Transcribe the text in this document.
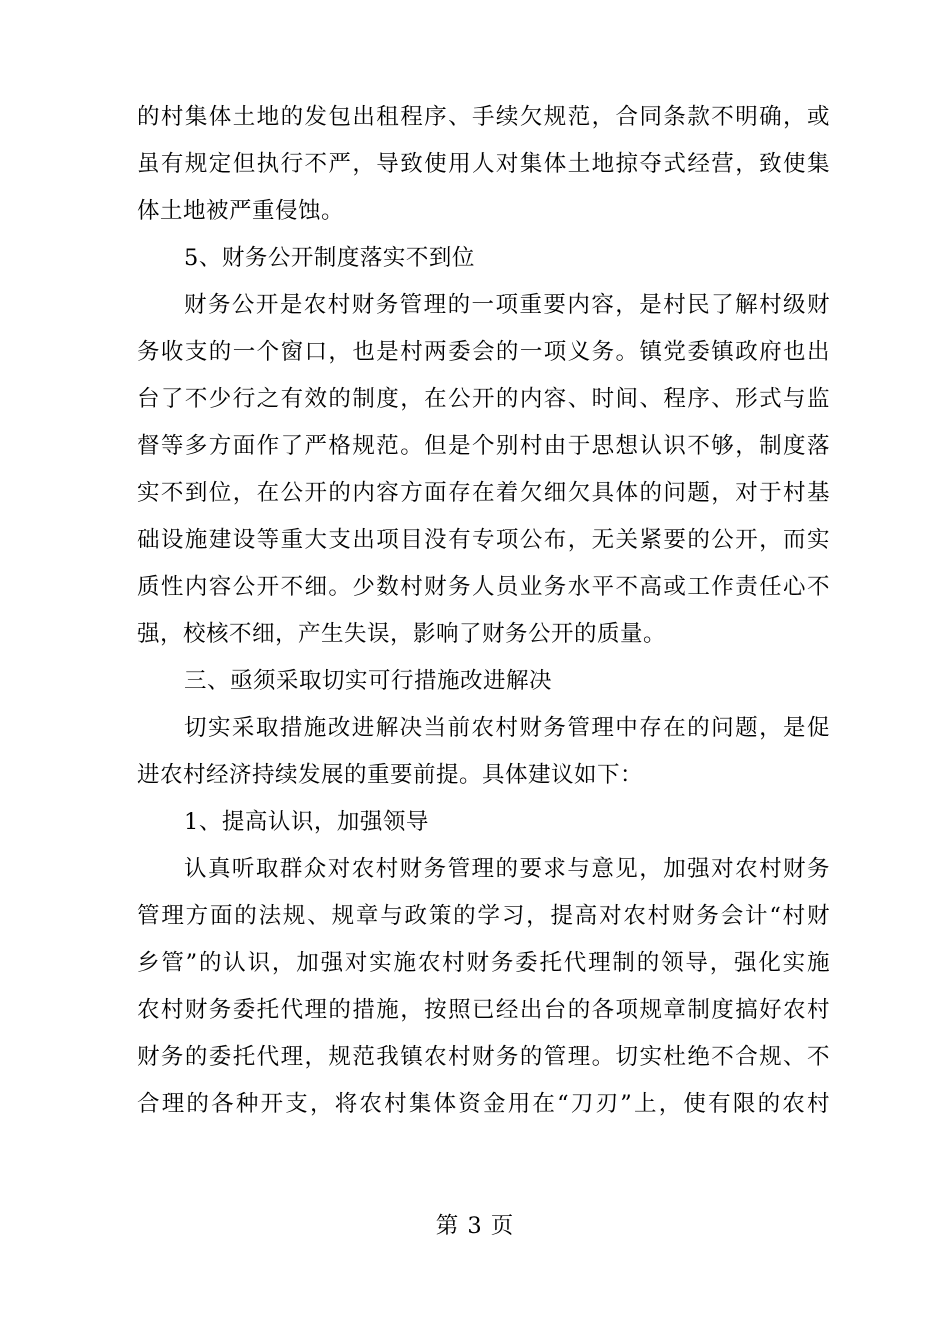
的村集体土地的发包出租程序、手续欠规范，合同条款不明确，或
虽有规定但执行不严，导致使用人对集体土地掠夺式经营，致使集
体土地被严重侵蚀。
5、财务公开制度落实不到位
财务公开是农村财务管理的一项重要内容，是村民了解村级财
务收支的一个窗口，也是村两委会的一项义务。镇党委镇政府也出
台了不少行之有效的制度，在公开的内容、时间、程序、形式与监
督等多方面作了严格规范。但是个别村由于思想认识不够，制度落
实不到位，在公开的内容方面存在着欠细欠具体的问题，对于村基
础设施建设等重大支出项目没有专项公布，无关紧要的公开，而实
质性内容公开不细。少数村财务人员业务水平不高或工作责任心不
强，校核不细，产生失误，影响了财务公开的质量。
三、亟须采取切实可行措施改进解决
切实采取措施改进解决当前农村财务管理中存在的问题，是促
进农村经济持续发展的重要前提。具体建议如下：
1、提高认识，加强领导
认真听取群众对农村财务管理的要求与意见，加强对农村财务
管理方面的法规、规章与政策的学习，提高对农村财务会计“村财
乡管”的认识，加强对实施农村财务委托代理制的领导，强化实施
农村财务委托代理的措施，按照已经出台的各项规章制度搞好农村
财务的委托代理，规范我镇农村财务的管理。切实杜绝不合规、不
合理的各种开支，将农村集体资金用在“刀刃”上，使有限的农村
第 3 页
